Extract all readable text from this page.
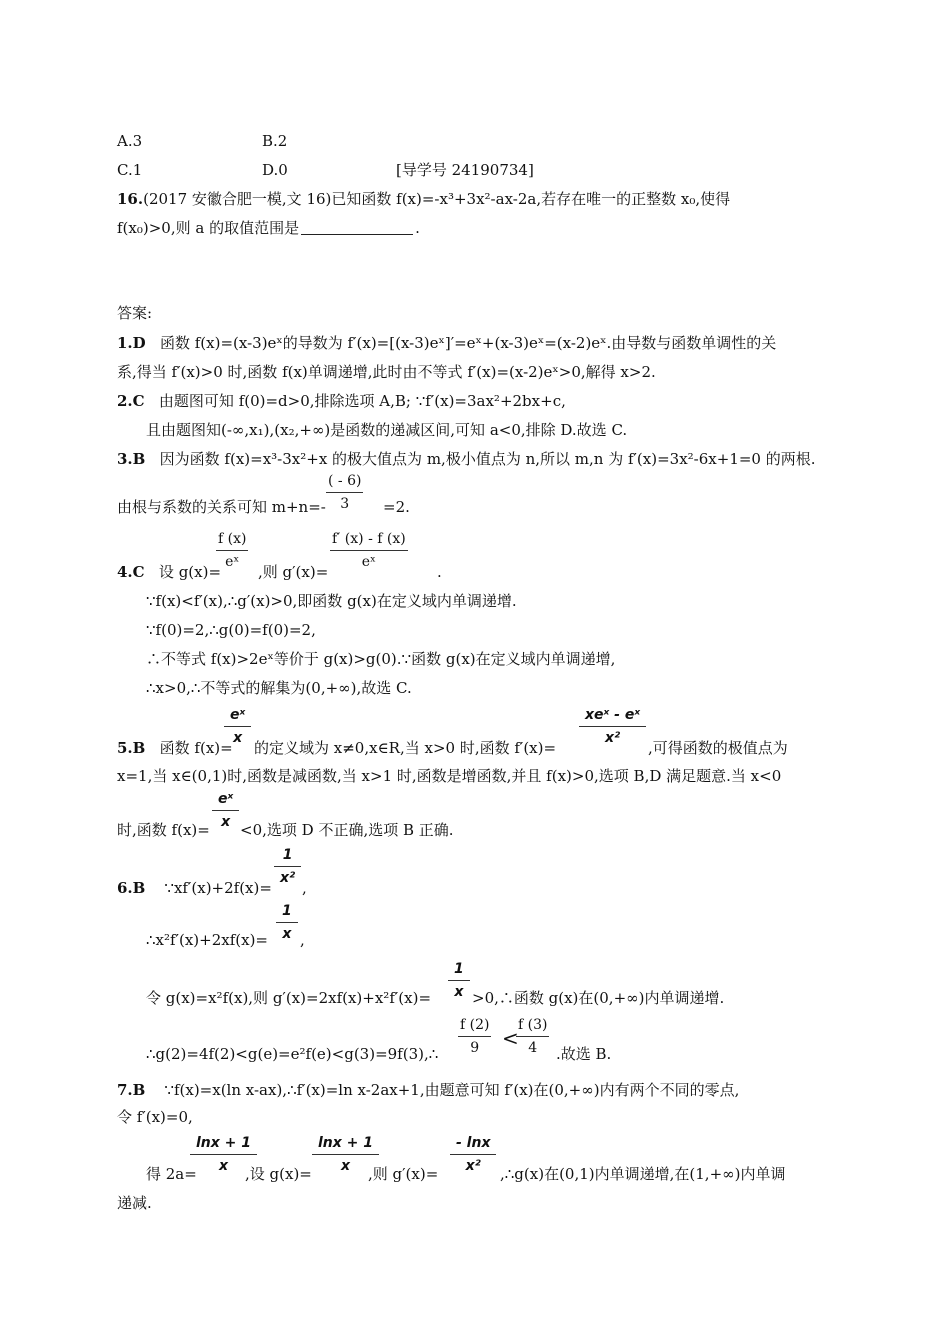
A.3	B.2
C.1	D.0	[导学号 24190734]
16.(2017 安徽合肥一模,文 16)已知函数 f(x)=-x³+3x²-ax-2a,若存在唯一的正整数 x₀,使得
f(x₀)>0,则 a 的取值范围是	.
答案:
1.D 函数 f(x)=(x-3)eˣ的导数为 f′(x)=[(x-3)eˣ]′=eˣ+(x-3)eˣ=(x-2)eˣ.由导数与函数单调性的关
系,得当 f′(x)>0 时,函数 f(x)单调递增,此时由不等式 f′(x)=(x-2)eˣ>0,解得 x>2.
2.C 由题图可知 f(0)=d>0,排除选项 A,B; ∵f′(x)=3ax²+2bx+c,
且由题图知(-∞,x₁),(x₂,+∞)是函数的递减区间,可知 a<0,排除 D.故选 C.
3.B 因为函数 f(x)=x³-3x²+x 的极大值点为 m,极小值点为 n,所以 m,n 为 f′(x)=3x²-6x+1=0 的两根.
由根与系数的关系可知 $m+n=- \frac{( - 6)}{3} =2$.
4.C 设 g(x)=
$\frac{f (x)}{\text{eˣ}}$
,则 g′(x)=
$\frac{f' (x) - f (x)}{\text{eˣ}}$
.
∵f(x)<f′(x),∴g′(x)>0,即函数 g(x)在定义域内单调递增.
∵f(0)=2,∴g(0)=f(0)=2,
∴不等式 f(x)>2eˣ等价于 g(x)>g(0).∵函数 g(x)在定义域内单调递增,
∴x>0,∴不等式的解集为(0,+∞),故选 C.
5.B 函数 f(x)=
$\frac{\text{eˣ}}{x}$
的定义域为 x≠0,x∈R,当 x>0 时,函数 f′(x)=
xeˣ - eˣ
x²
,可得函数的极值点为
x=1,当 x∈(0,1)时,函数是减函数,当 x>1 时,函数是增函数,并且 f(x)>0,选项 B,D 满足题意.当 x<0
时,函数 $f(x)= \frac{\text{eˣ}}{x} <0$,选项 D 不正确,选项 B 正确.
6.B ∵xf′(x)+2f(x)=
$\frac{1}{\text{x²}}$
,
∴x²f′(x)+2xf(x)= $\frac{1}{x}$ ,
令 g(x)=x²f(x),则 $g'(x)=2xf(x)+x^2f'(x)= \frac{1}{x}$ >0,∴函数 g(x)在(0,+∞)内单调递增.
∴g(2)=4f(2)<g(e)=e²f(e)<g(3)=9f(3),∴ $\frac{f (2)}{9}$ <
$\frac{f (3)}{4}$ .故选 B.
7.B ∵f(x)=x(ln x-ax),∴f′(x)=ln x-2ax+1,由题意可知 f′(x)在(0,+∞)内有两个不同的零点,
令 f′(x)=0,
得 2a=
$\frac{\ln x + 1}{x}$
,设 $g(x)= \frac{\ln x + 1}{x}$
,则 $g'(x)= \frac{- \ln x}{\text{x²}}$ ,∴g(x)在(0,1)内单调递增,在(1,+∞)内单调
递减.
